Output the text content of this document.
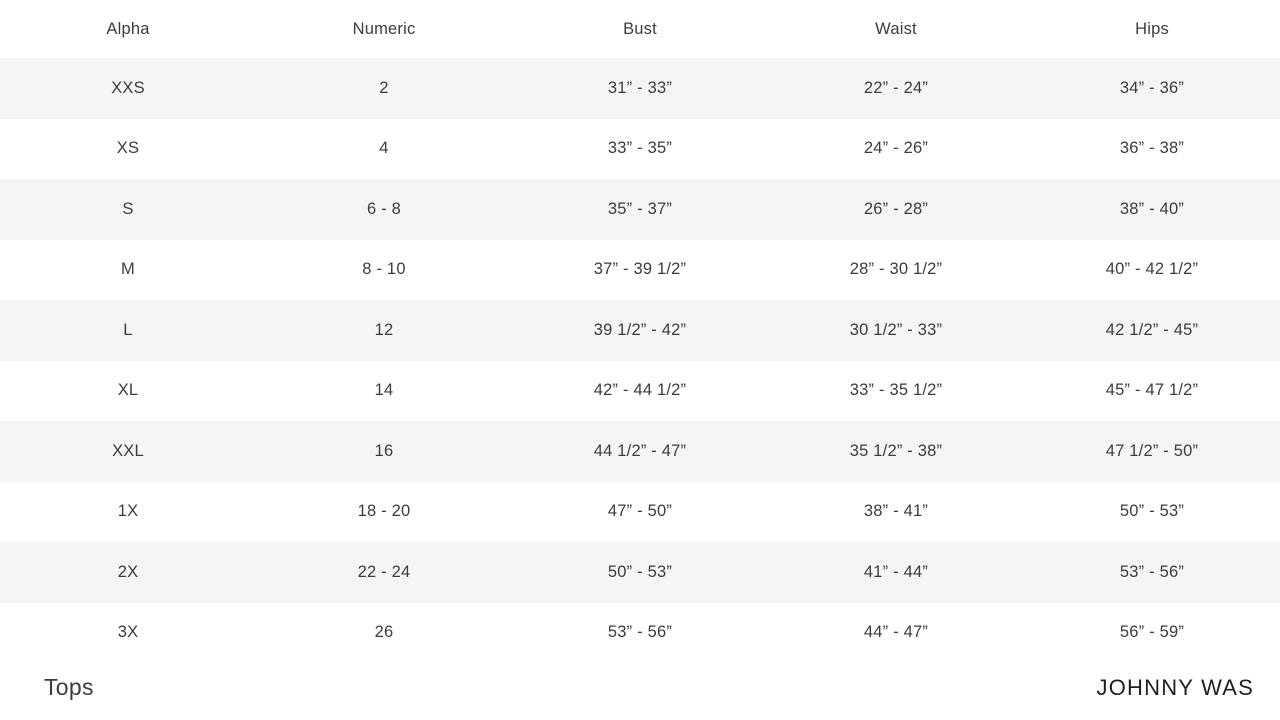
Alpha	Numeric	Bust	Waist	Hips
XXS	2	31” - 33”	22” - 24”	34” - 36”
XS	4	33” - 35”	24” - 26”	36” - 38”
S	6 - 8	35” - 37”	26” - 28”	38” - 40”
M	8 - 10	37” - 39 1/2”	28” - 30 1/2”	40” - 42 1/2”
L	12	39 1/2” - 42”	30 1/2” - 33”	42 1/2” - 45”
XL	14	42” - 44 1/2”	33” - 35 1/2”	45” - 47 1/2”
XXL	16	44 1/2” - 47”	35 1/2” - 38”	47 1/2” - 50”
1X	18 - 20	47” - 50”	38” - 41”	50” - 53”
2X	22 - 24	50” - 53”	41” - 44”	53” - 56”
3X	26	53” - 56”	44” - 47”	56” - 59”
Tops	JOHNNY WAS
